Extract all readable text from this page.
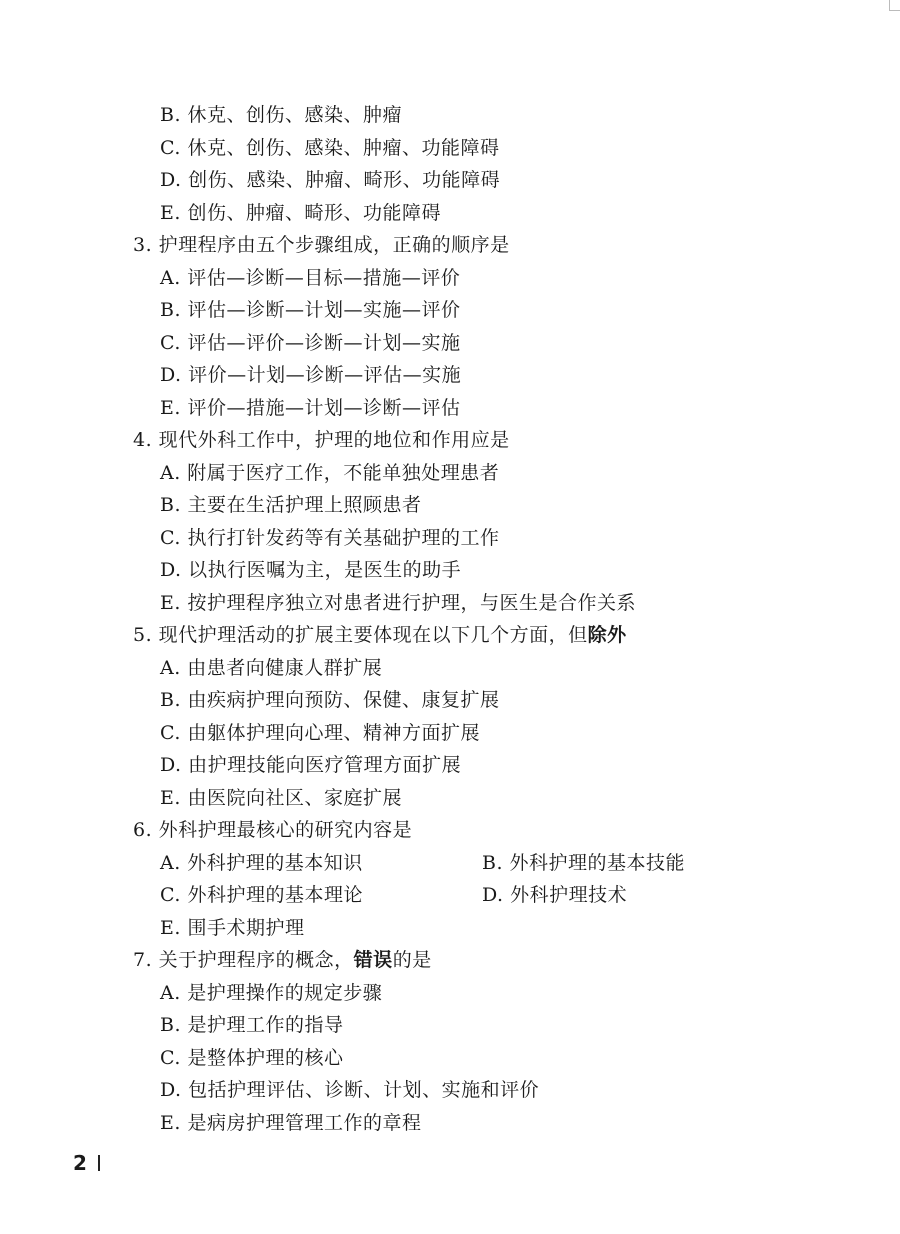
B. 休克、创伤、感染、肿瘤
C. 休克、创伤、感染、肿瘤、功能障碍
D. 创伤、感染、肿瘤、畸形、功能障碍
E. 创伤、肿瘤、畸形、功能障碍
3. 护理程序由五个步骤组成，正确的顺序是
A. 评估—诊断—目标—措施—评价
B. 评估—诊断—计划—实施—评价
C. 评估—评价—诊断—计划—实施
D. 评价—计划—诊断—评估—实施
E. 评价—措施—计划—诊断—评估
4. 现代外科工作中，护理的地位和作用应是
A. 附属于医疗工作，不能单独处理患者
B. 主要在生活护理上照顾患者
C. 执行打针发药等有关基础护理的工作
D. 以执行医嘱为主，是医生的助手
E. 按护理程序独立对患者进行护理，与医生是合作关系
5. 现代护理活动的扩展主要体现在以下几个方面，但除外
A. 由患者向健康人群扩展
B. 由疾病护理向预防、保健、康复扩展
C. 由躯体护理向心理、精神方面扩展
D. 由护理技能向医疗管理方面扩展
E. 由医院向社区、家庭扩展
6. 外科护理最核心的研究内容是
A. 外科护理的基本知识	B. 外科护理的基本技能
C. 外科护理的基本理论	D. 外科护理技术
E. 围手术期护理
7. 关于护理程序的概念，错误的是
A. 是护理操作的规定步骤
B. 是护理工作的指导
C. 是整体护理的核心
D. 包括护理评估、诊断、计划、实施和评价
E. 是病房护理管理工作的章程
2
